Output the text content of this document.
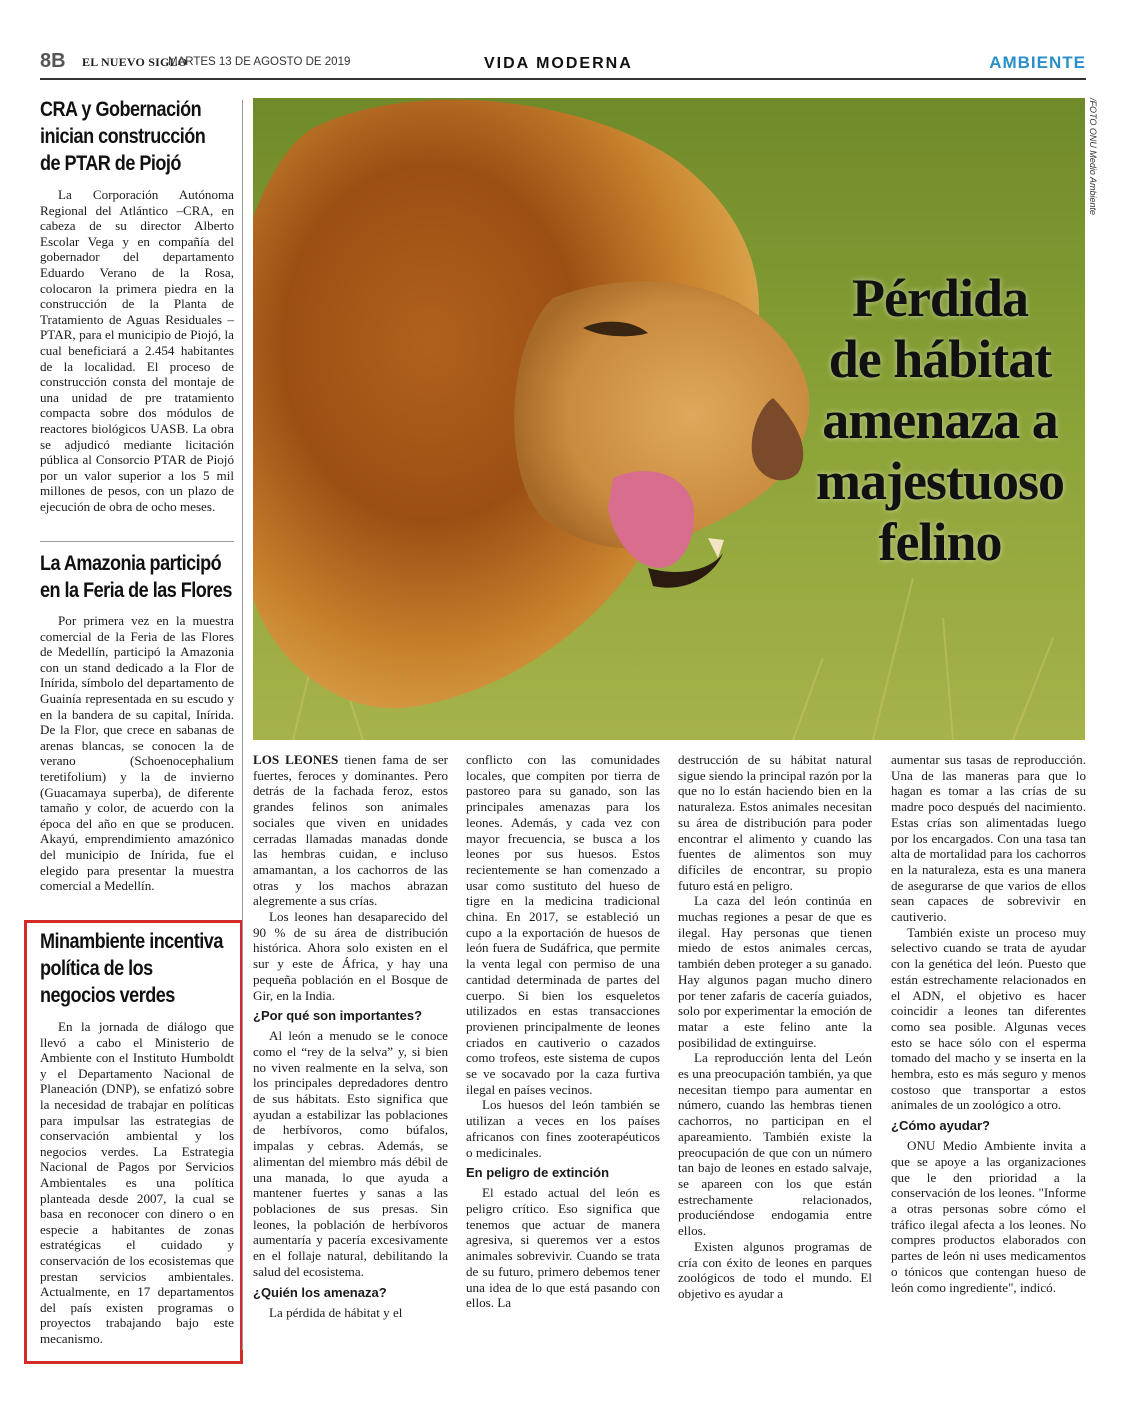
8B EL NUEVO SIGLO
MARTES 13 DE AGOSTO DE 2019	VIDA MODERNA	AMBIENTE
CRA y Gobernación
inician construcción
de PTAR de Piojó

La Corporación Autónoma Regional del Atlántico –CRA, en cabeza de su director Alberto Escolar Vega y en compañía del gobernador del departamento Eduardo Verano de la Rosa, colocaron la primera piedra en la construcción de la Planta de Tratamiento de Aguas Residuales –PTAR, para el municipio de Piojó, la cual beneficiará a 2.454 habitantes de la localidad. El proceso de construcción consta del montaje de una unidad de pre tratamiento compacta sobre dos módulos de reactores biológicos UASB. La obra se adjudicó mediante licitación pública al Consorcio PTAR de Piojó por un valor superior a los 5 mil millones de pesos, con un plazo de ejecución de obra de ocho meses.

La Amazonia participó
en la Feria de las Flores

Por primera vez en la muestra comercial de la Feria de las Flores de Medellín, participó la Amazonia con un stand dedicado a la Flor de Inírida, símbolo del departamento de Guainía representada en su escudo y en la bandera de su capital, Inírida. De la Flor, que crece en sabanas de arenas blancas, se conocen la de verano (Schoenocephalium teretifolium) y la de invierno (Guacamaya superba), de diferente tamaño y color, de acuerdo con la época del año en que se producen. Akayú, emprendimiento amazónico del municipio de Inírida, fue el elegido para presentar la muestra comercial a Medellín.

Minambiente incentiva
política de los
negocios verdes

En la jornada de diálogo que llevó a cabo el Ministerio de Ambiente con el Instituto Humboldt y el Departamento Nacional de Planeación (DNP), se enfatizó sobre la necesidad de trabajar en políticas para impulsar las estrategias de conservación ambiental y los negocios verdes. La Estrategia Nacional de Pagos por Servicios Ambientales es una política planteada desde 2007, la cual se basa en reconocer con dinero o en especie a habitantes de zonas estratégicas el cuidado y conservación de los ecosistemas que prestan servicios ambientales. Actualmente, en 17 departamentos del país existen programas o proyectos trabajando bajo este mecanismo.

/FOTO ONU Medio Ambiente
Pérdida
de hábitat
amenaza a
majestuoso
felino

LOS LEONES tienen fama de ser fuertes, feroces y dominantes. Pero detrás de la fachada feroz, estos grandes felinos son animales sociales que viven en unidades cerradas llamadas manadas donde las hembras cuidan, e incluso amamantan, a los cachorros de las otras y los machos abrazan alegremente a sus crías.

Los leones han desaparecido del 90 % de su área de distribución histórica. Ahora solo existen en el sur y este de África, y hay una pequeña población en el Bosque de Gir, en la India.

¿Por qué son importantes?

Al león a menudo se le conoce como el “rey de la selva” y, si bien no viven realmente en la selva, son los principales depredadores dentro de sus hábitats. Esto significa que ayudan a estabilizar las poblaciones de herbívoros, como búfalos, impalas y cebras. Además, se alimentan del miembro más débil de una manada, lo que ayuda a mantener fuertes y sanas a las poblaciones de sus presas. Sin leones, la población de herbívoros aumentaría y pacería excesivamente en el follaje natural, debilitando la salud del ecosistema.

¿Quién los amenaza?

La pérdida de hábitat y el

conflicto con las comunidades locales, que compiten por tierra de pastoreo para su ganado, son las principales amenazas para los leones. Además, y cada vez con mayor frecuencia, se busca a los leones por sus huesos. Estos recientemente se han comenzado a usar como sustituto del hueso de tigre en la medicina tradicional china. En 2017, se estableció un cupo a la exportación de huesos de león fuera de Sudáfrica, que permite la venta legal con permiso de una cantidad determinada de partes del cuerpo. Si bien los esqueletos utilizados en estas transacciones provienen principalmente de leones criados en cautiverio o cazados como trofeos, este sistema de cupos se ve socavado por la caza furtiva ilegal en países vecinos.

Los huesos del león también se utilizan a veces en los países africanos con fines zooterapéuticos o medicinales.

En peligro de extinción

El estado actual del león es peligro crítico. Eso significa que tenemos que actuar de manera agresiva, si queremos ver a estos animales sobrevivir. Cuando se trata de su futuro, primero debemos tener una idea de lo que está pasando con ellos. La

destrucción de su hábitat natural sigue siendo la principal razón por la que no lo están haciendo bien en la naturaleza. Estos animales necesitan su área de distribución para poder encontrar el alimento y cuando las fuentes de alimentos son muy difíciles de encontrar, su propio futuro está en peligro.

La caza del león continúa en muchas regiones a pesar de que es ilegal. Hay personas que tienen miedo de estos animales cercas, también deben proteger a su ganado. Hay algunos pagan mucho dinero por tener zafaris de cacería guiados, solo por experimentar la emoción de matar a este felino ante la posibilidad de extinguirse.

La reproducción lenta del León es una preocupación también, ya que necesitan tiempo para aumentar en número, cuando las hembras tienen cachorros, no participan en el apareamiento. También existe la preocupación de que con un número tan bajo de leones en estado salvaje, se apareen con los que están estrechamente relacionados, produciéndose endogamia entre ellos.

Existen algunos programas de cría con éxito de leones en parques zoológicos de todo el mundo. El objetivo es ayudar a

aumentar sus tasas de reproducción. Una de las maneras para que lo hagan es tomar a las crías de su madre poco después del nacimiento. Estas crías son alimentadas luego por los encargados. Con una tasa tan alta de mortalidad para los cachorros en la naturaleza, esta es una manera de asegurarse de que varios de ellos sean capaces de sobrevivir en cautiverio.

También existe un proceso muy selectivo cuando se trata de ayudar con la genética del león. Puesto que están estrechamente relacionados en el ADN, el objetivo es hacer coincidir a leones tan diferentes como sea posible. Algunas veces esto se hace sólo con el esperma tomado del macho y se inserta en la hembra, esto es más seguro y menos costoso que transportar a estos animales de un zoológico a otro.

¿Cómo ayudar?

ONU Medio Ambiente invita a que se apoye a las organizaciones que le den prioridad a la conservación de los leones. "Informe a otras personas sobre cómo el tráfico ilegal afecta a los leones. No compres productos elaborados con partes de león ni uses medicamentos o tónicos que contengan hueso de león como ingrediente", indicó.
